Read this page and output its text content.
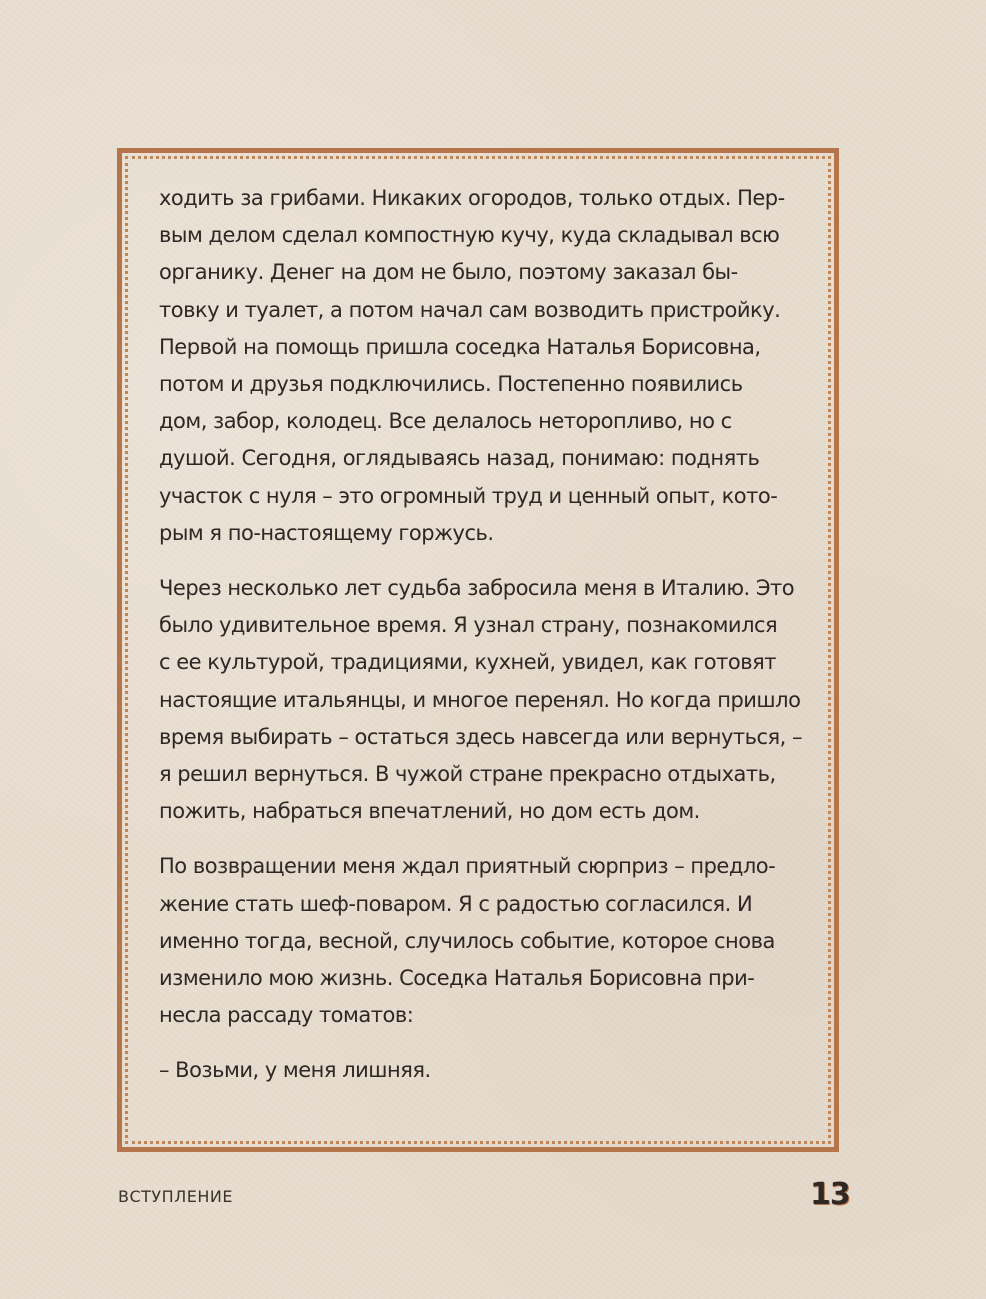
ходить за грибами. Никаких огородов, только отдых. Пер-
вым делом сделал компостную кучу, куда складывал всю
органику. Денег на дом не было, поэтому заказал бы-
товку и туалет, а потом начал сам возводить пристройку.
Первой на помощь пришла соседка Наталья Борисовна,
потом и друзья подключились. Постепенно появились
дом, забор, колодец. Все делалось неторопливо, но с
душой. Сегодня, оглядываясь назад, понимаю: поднять
участок с нуля – это огромный труд и ценный опыт, кото-
рым я по-настоящему горжусь.

Через несколько лет судьба забросила меня в Италию. Это
было удивительное время. Я узнал страну, познакомился
с ее культурой, традициями, кухней, увидел, как готовят
настоящие итальянцы, и многое перенял. Но когда пришло
время выбирать – остаться здесь навсегда или вернуться, –
я решил вернуться. В чужой стране прекрасно отдыхать,
пожить, набраться впечатлений, но дом есть дом.

По возвращении меня ждал приятный сюрприз – предло-
жение стать шеф-поваром. Я с радостью согласился. И
именно тогда, весной, случилось событие, которое снова
изменило мою жизнь. Соседка Наталья Борисовна при-
несла рассаду томатов:

– Возьми, у меня лишняя.

ВСТУПЛЕНИЕ	13
